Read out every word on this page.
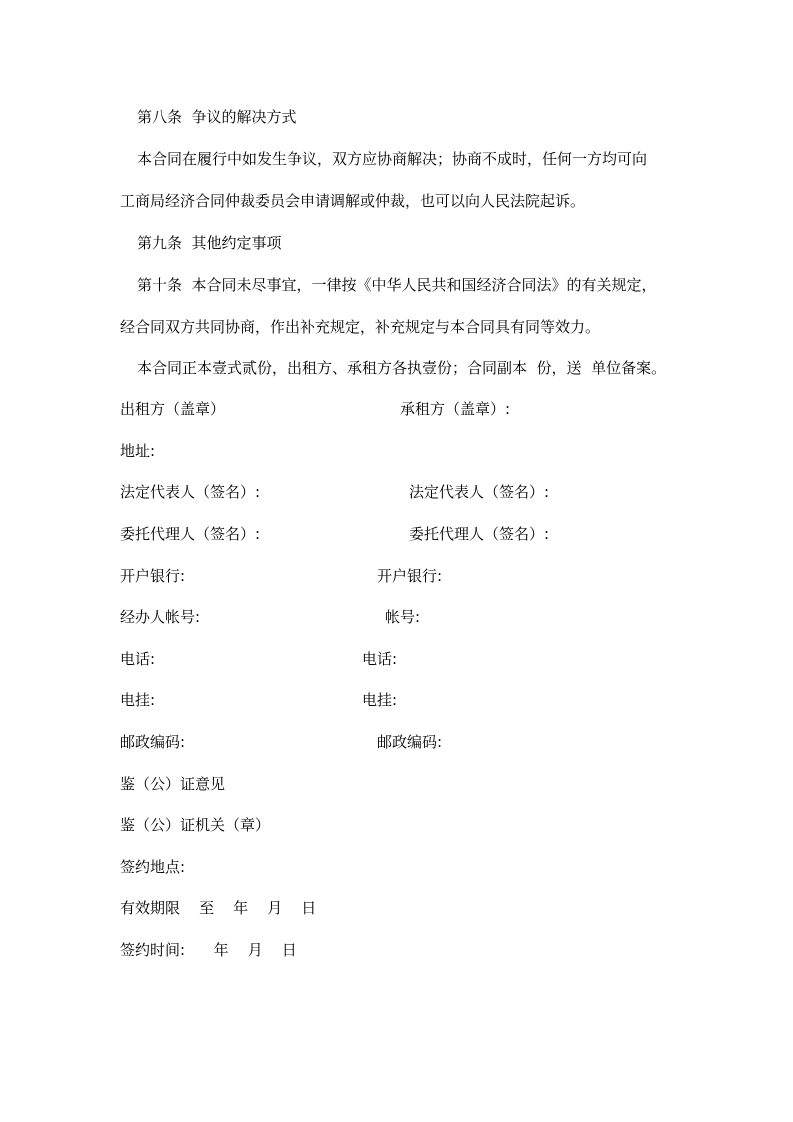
第八条  争议的解决方式
本合同在履行中如发生争议，双方应协商解决；协商不成时，任何一方均可向
工商局经济合同仲裁委员会申请调解或仲裁，也可以向人民法院起诉。
第九条  其他约定事项
第十条  本合同未尽事宜，一律按《中华人民共和国经济合同法》的有关规定，
经合同双方共同协商，作出补充规定，补充规定与本合同具有同等效力。
本合同正本壹式贰份，出租方、承租方各执壹份；合同副本  份，送  单位备案。
出租方（盖章）	承租方（盖章）:
地址:
法定代表人（签名）:	法定代表人（签名）:
委托代理人（签名）:	委托代理人（签名）:
开户银行:	开户银行:
经办人帐号:	帐号:
电话:	电话:
电挂:	电挂:
邮政编码:	邮政编码:
鉴（公）证意见
鉴（公）证机关（章）
签约地点:
有效期限    至    年    月    日
签约时间:      年    月    日
